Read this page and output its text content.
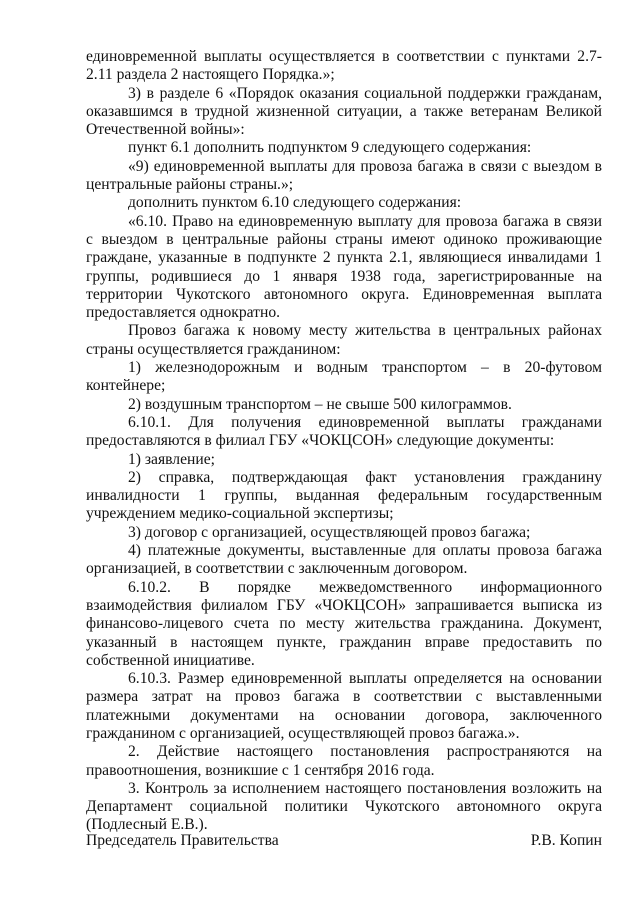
единовременной выплаты осуществляется в соответствии с пунктами 2.7-2.11 раздела 2 настоящего Порядка.»;

3) в разделе 6 «Порядок оказания социальной поддержки гражданам, оказавшимся в трудной жизненной ситуации, а также ветеранам Великой Отечественной войны»:

пункт 6.1 дополнить подпунктом 9 следующего содержания:

«9) единовременной выплаты для провоза багажа в связи с выездом в центральные районы страны.»;

дополнить пунктом 6.10 следующего содержания:

«6.10. Право на единовременную выплату для провоза багажа в связи с выездом в центральные районы страны имеют одиноко проживающие граждане, указанные в подпункте 2 пункта 2.1, являющиеся инвалидами 1 группы, родившиеся до 1 января 1938 года, зарегистрированные на территории Чукотского автономного округа. Единовременная выплата предоставляется однократно.

Провоз багажа к новому месту жительства в центральных районах страны осуществляется гражданином:

1) железнодорожным и водным транспортом – в 20-футовом контейнере;

2) воздушным транспортом – не свыше 500 килограммов.

6.10.1. Для получения единовременной выплаты гражданами предоставляются в филиал ГБУ «ЧОКЦСОН» следующие документы:

1) заявление;

2) справка, подтверждающая факт установления гражданину инвалидности 1 группы, выданная федеральным государственным учреждением медико-социальной экспертизы;

3) договор с организацией, осуществляющей провоз багажа;

4) платежные документы, выставленные для оплаты провоза багажа организацией, в соответствии с заключенным договором.

6.10.2. В порядке межведомственного информационного взаимодействия филиалом ГБУ «ЧОКЦСОН» запрашивается выписка из финансово-лицевого счета по месту жительства гражданина. Документ, указанный в настоящем пункте, гражданин вправе предоставить по собственной инициативе.

6.10.3. Размер единовременной выплаты определяется на основании размера затрат на провоз багажа в соответствии с выставленными платежными документами на основании договора, заключенного гражданином с организацией, осуществляющей провоз багажа.».

2. Действие настоящего постановления распространяются на правоотношения, возникшие с 1 сентября 2016 года.

3. Контроль за исполнением настоящего постановления возложить на Департамент социальной политики Чукотского автономного округа (Подлесный Е.В.).

Председатель Правительства	Р.В. Копин
